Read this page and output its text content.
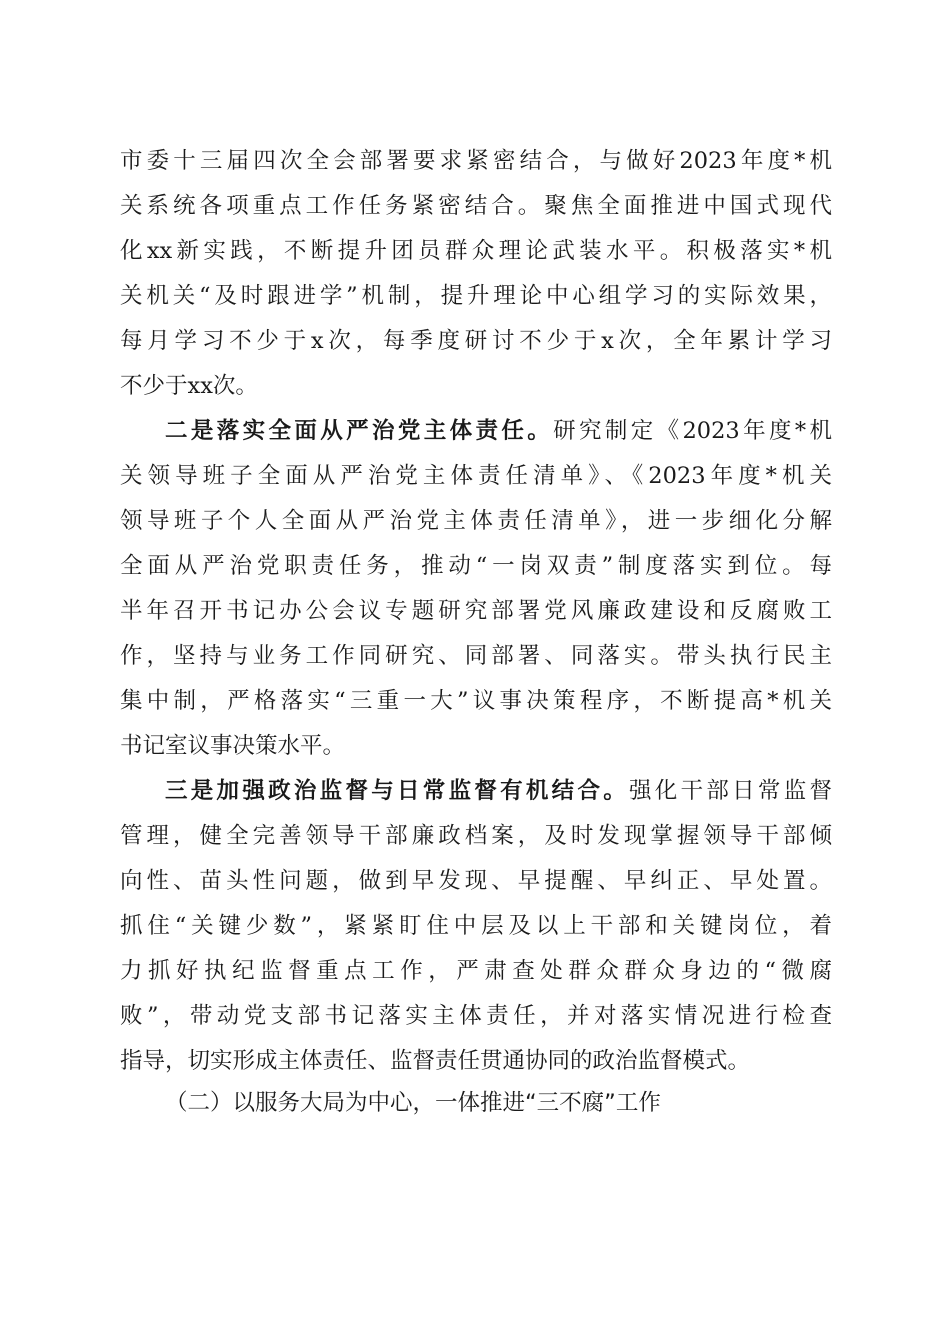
市委十三届四次全会部署要求紧密结合，与做好2023年度*机
关系统各项重点工作任务紧密结合。聚焦全面推进中国式现代
化xx新实践，不断提升团员群众理论武装水平。积极落实*机
关机关“及时跟进学”机制，提升理论中心组学习的实际效果，
每月学习不少于x次，每季度研讨不少于x次，全年累计学习
不少于xx次。
二是落实全面从严治党主体责任。研究制定《2023年度*机
关领导班子全面从严治党主体责任清单》、《2023年度*机关
领导班子个人全面从严治党主体责任清单》，进一步细化分解
全面从严治党职责任务，推动“一岗双责”制度落实到位。每
半年召开书记办公会议专题研究部署党风廉政建设和反腐败工
作，坚持与业务工作同研究、同部署、同落实。带头执行民主
集中制，严格落实“三重一大”议事决策程序，不断提高*机关
书记室议事决策水平。
三是加强政治监督与日常监督有机结合。强化干部日常监督
管理，健全完善领导干部廉政档案，及时发现掌握领导干部倾
向性、苗头性问题，做到早发现、早提醒、早纠正、早处置。
抓住“关键少数”，紧紧盯住中层及以上干部和关键岗位，着
力抓好执纪监督重点工作，严肃查处群众群众身边的“微腐
败”，带动党支部书记落实主体责任，并对落实情况进行检查
指导，切实形成主体责任、监督责任贯通协同的政治监督模式。
（二）以服务大局为中心，一体推进“三不腐”工作
